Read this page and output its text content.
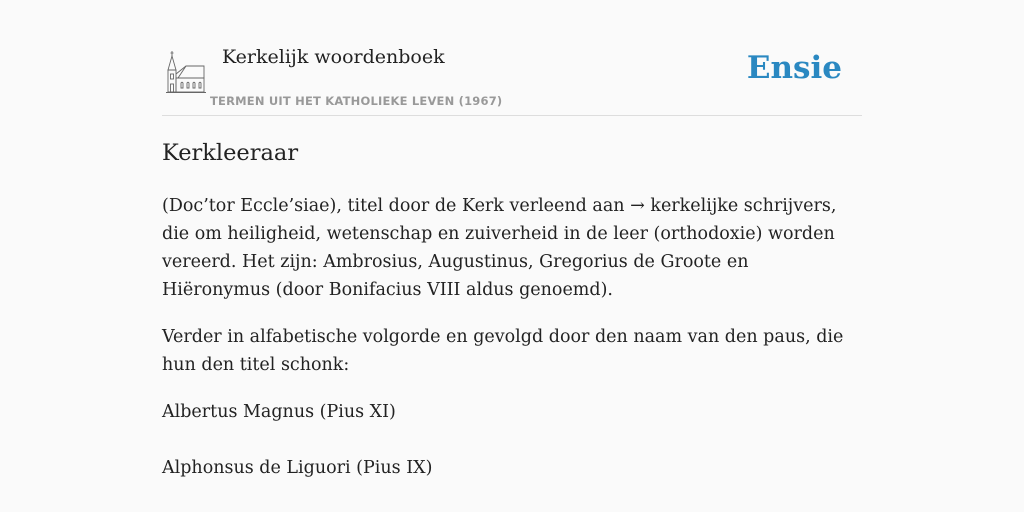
Kerkelijk woordenboek
TERMEN UIT HET KATHOLIEKE LEVEN (1967)
Ensie
Kerkleeraar

(Doc’tor Eccle’siae), titel door de Kerk verleend aan → kerkelijke schrijvers, die om heiligheid, wetenschap en zuiverheid in de leer (orthodoxie) worden vereerd. Het zijn: Ambrosius, Augustinus, Gregorius de Groote en Hiëronymus (door Bonifacius VIII aldus genoemd).

Verder in alfabetische volgorde en gevolgd door den naam van den paus, die hun den titel schonk:

Albertus Magnus (Pius XI)

Alphonsus de Liguori (Pius IX)
